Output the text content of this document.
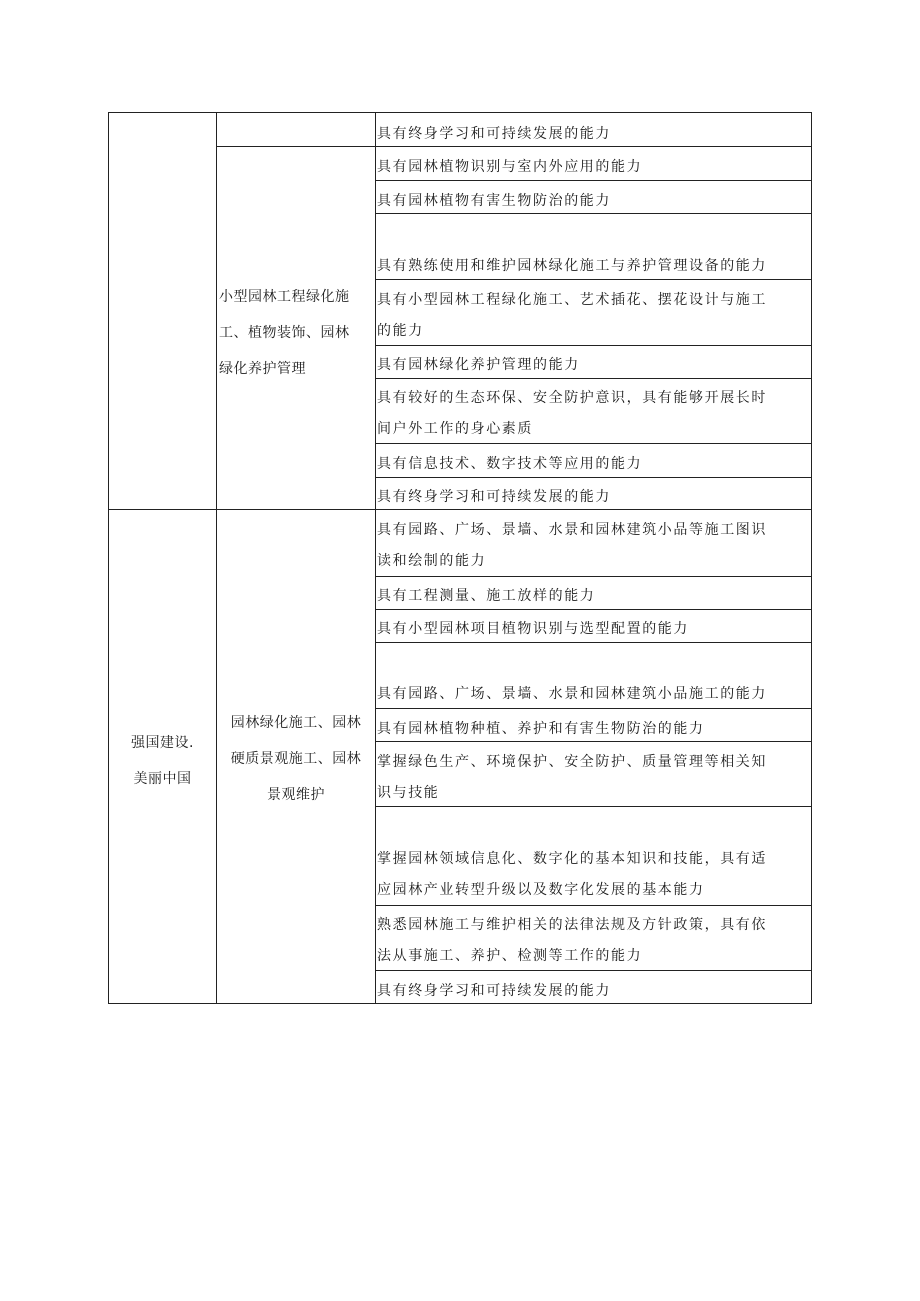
具有终身学习和可持续发展的能力
小型园林工程绿化施
工、植物装饰、园林
绿化养护管理
具有园林植物识别与室内外应用的能力
具有园林植物有害生物防治的能力
具有熟练使用和维护园林绿化施工与养护管理设备的能力
具有小型园林工程绿化施工、艺术插花、摆花设计与施工
的能力
具有园林绿化养护管理的能力
具有较好的生态环保、安全防护意识，具有能够开展长时
间户外工作的身心素质
具有信息技术、数字技术等应用的能力
具有终身学习和可持续发展的能力
强国建设.
美丽中国
园林绿化施工、园林
硬质景观施工、园林
景观维护
具有园路、广场、景墙、水景和园林建筑小品等施工图识
读和绘制的能力
具有工程测量、施工放样的能力
具有小型园林项目植物识别与选型配置的能力
具有园路、广场、景墙、水景和园林建筑小品施工的能力
具有园林植物种植、养护和有害生物防治的能力
掌握绿色生产、环境保护、安全防护、质量管理等相关知
识与技能
掌握园林领域信息化、数字化的基本知识和技能，具有适
应园林产业转型升级以及数字化发展的基本能力
熟悉园林施工与维护相关的法律法规及方针政策，具有依
法从事施工、养护、检测等工作的能力
具有终身学习和可持续发展的能力
